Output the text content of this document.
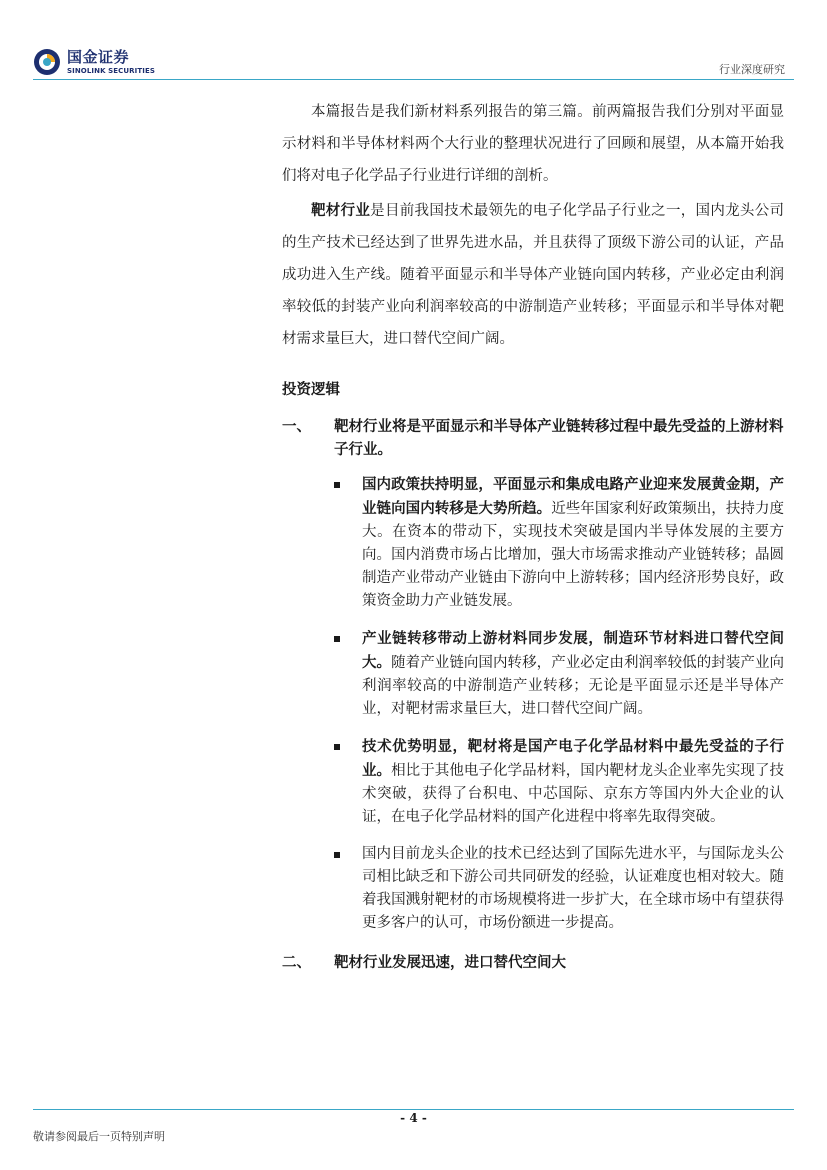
国金证券
SINOLINK SECURITIES	行业深度研究

本篇报告是我们新材料系列报告的第三篇。前两篇报告我们分别对平面显示材料和半导体材料两个大行业的整理状况进行了回顾和展望，从本篇开始我们将对电子化学品子行业进行详细的剖析。

靶材行业是目前我国技术最领先的电子化学品子行业之一，国内龙头公司的生产技术已经达到了世界先进水品，并且获得了顶级下游公司的认证，产品成功进入生产线。随着平面显示和半导体产业链向国内转移，产业必定由利润率较低的封装产业向利润率较高的中游制造产业转移；平面显示和半导体对靶材需求量巨大，进口替代空间广阔。

投资逻辑
一、 靶材行业将是平面显示和半导体产业链转移过程中最先受益的上游材料子行业。
国内政策扶持明显，平面显示和集成电路产业迎来发展黄金期，产业链向国内转移是大势所趋。近些年国家利好政策频出，扶持力度大。在资本的带动下，实现技术突破是国内半导体发展的主要方向。国内消费市场占比增加，强大市场需求推动产业链转移；晶圆制造产业带动产业链由下游向中上游转移；国内经济形势良好，政策资金助力产业链发展。
产业链转移带动上游材料同步发展，制造环节材料进口替代空间大。随着产业链向国内转移，产业必定由利润率较低的封装产业向利润率较高的中游制造产业转移；无论是平面显示还是半导体产业，对靶材需求量巨大，进口替代空间广阔。
技术优势明显，靶材将是国产电子化学品材料中最先受益的子行业。相比于其他电子化学品材料，国内靶材龙头企业率先实现了技术突破，获得了台积电、中芯国际、京东方等国内外大企业的认证，在电子化学品材料的国产化进程中将率先取得突破。
国内目前龙头企业的技术已经达到了国际先进水平，与国际龙头公司相比缺乏和下游公司共同研发的经验，认证难度也相对较大。随着我国溅射靶材的市场规模将进一步扩大，在全球市场中有望获得更多客户的认可，市场份额进一步提高。
二、 靶材行业发展迅速，进口替代空间大
- 4 -
敬请参阅最后一页特别声明
